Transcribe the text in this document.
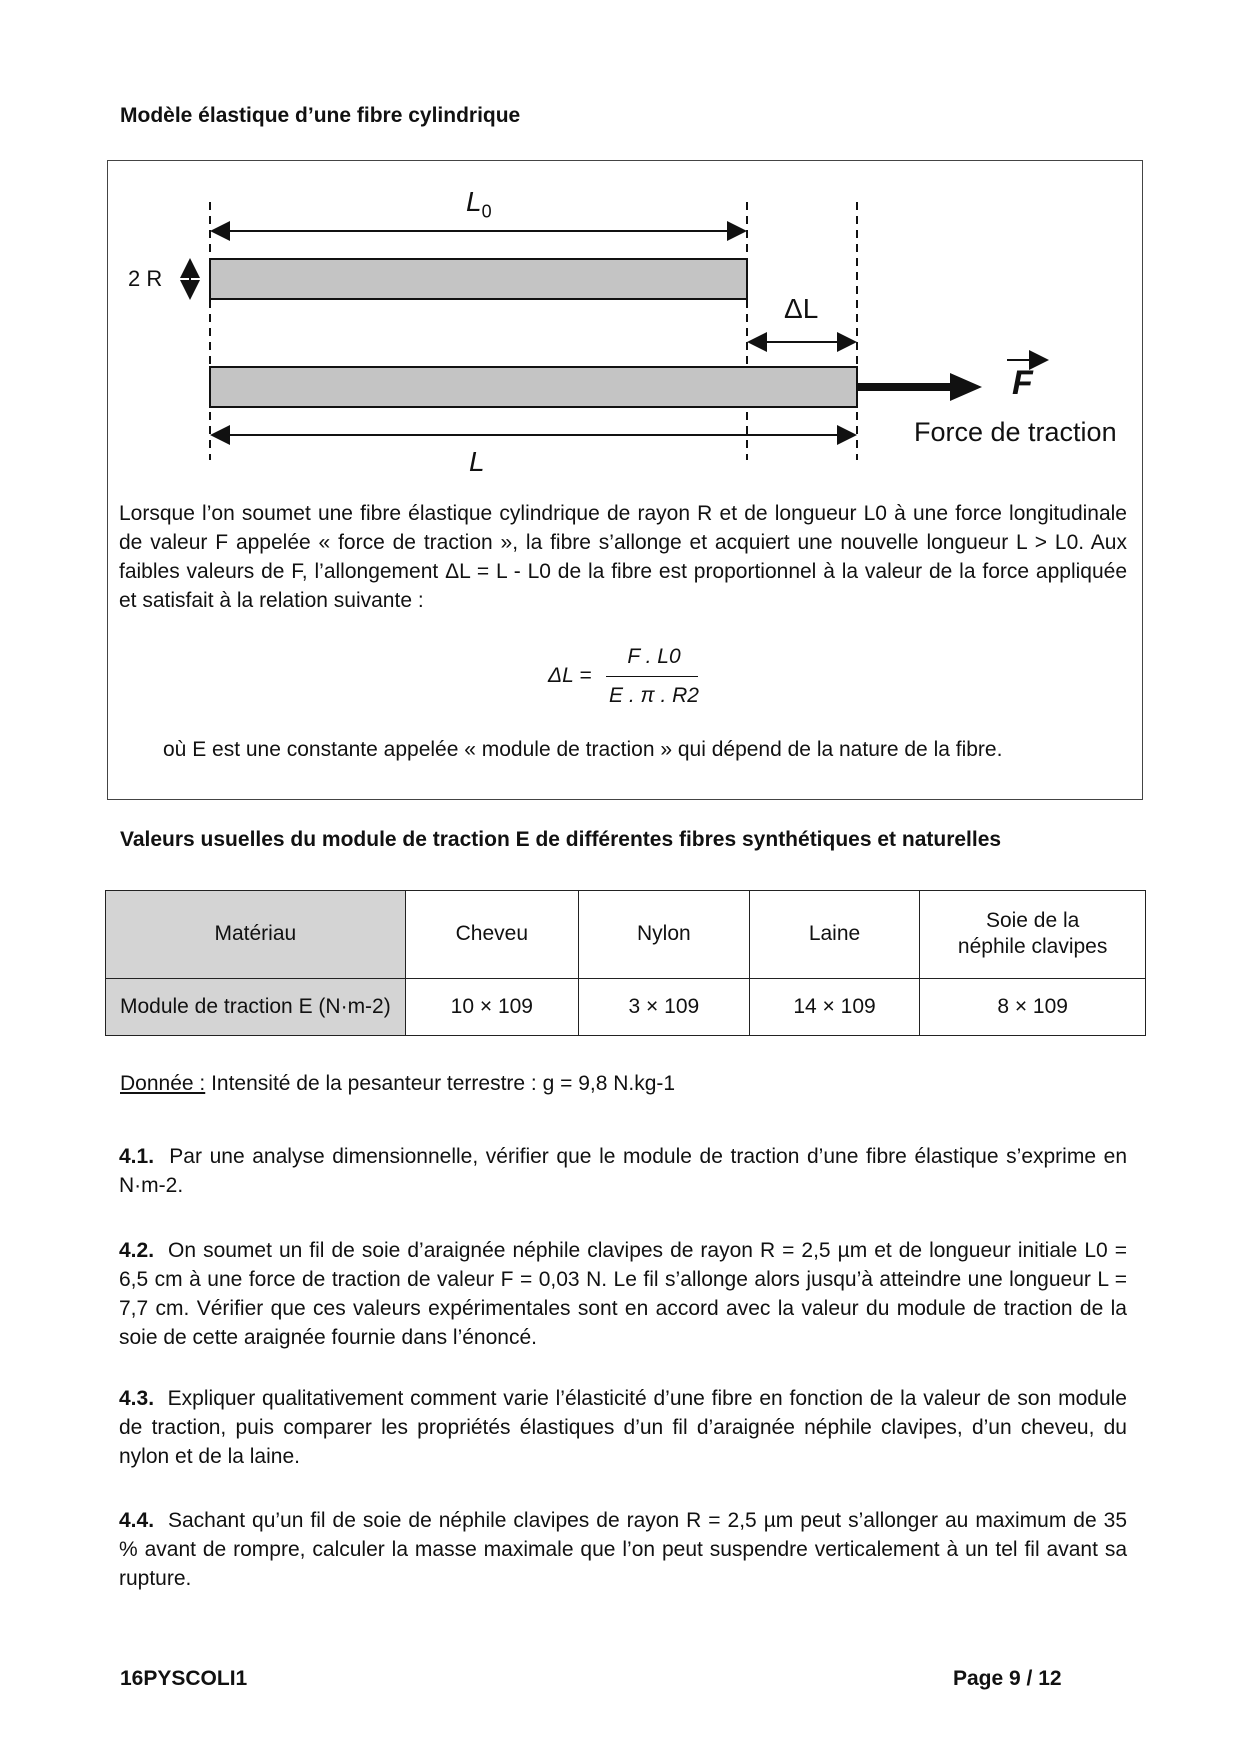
Modèle élastique d’une fibre cylindrique
$L_0$
2 R
ΔL
F
Force de traction
L
Lorsque l’on soumet une fibre élastique cylindrique de rayon R et de longueur L0 à une force longitudinale de valeur F appelée « force de traction », la fibre s’allonge et acquiert une nouvelle longueur L > L0. Aux faibles valeurs de F, l’allongement ΔL = L - L0 de la fibre est proportionnel à la valeur de la force appliquée et satisfait à la relation suivante :
ΔL =
F . L0
E . π . R2
où E est une constante appelée « module de traction » qui dépend de la nature de la fibre.
Valeurs usuelles du module de traction E de différentes fibres synthétiques et naturelles
Matériau	Cheveu	Nylon	Laine	Soie de la néphile clavipes
Module de traction E (N·m-2)	10 × 109	3 × 109	14 × 109	8 × 109
Donnée : Intensité de la pesanteur terrestre : g = 9,8 N.kg-1
4.1. Par une analyse dimensionnelle, vérifier que le module de traction d’une fibre élastique s’exprime en N·m-2.
4.2. On soumet un fil de soie d’araignée néphile clavipes de rayon R = 2,5 µm et de longueur initiale L0 = 6,5 cm à une force de traction de valeur F = 0,03 N. Le fil s’allonge alors jusqu’à atteindre une longueur L = 7,7 cm. Vérifier que ces valeurs expérimentales sont en accord avec la valeur du module de traction de la soie de cette araignée fournie dans l’énoncé.
4.3. Expliquer qualitativement comment varie l’élasticité d’une fibre en fonction de la valeur de son module de traction, puis comparer les propriétés élastiques d’un fil d’araignée néphile clavipes, d’un cheveu, du nylon et de la laine.
4.4. Sachant qu’un fil de soie de néphile clavipes de rayon R = 2,5 µm peut s’allonger au maximum de 35 % avant de rompre, calculer la masse maximale que l’on peut suspendre verticalement à un tel fil avant sa rupture.
16PYSCOLI1	Page 9 / 12
